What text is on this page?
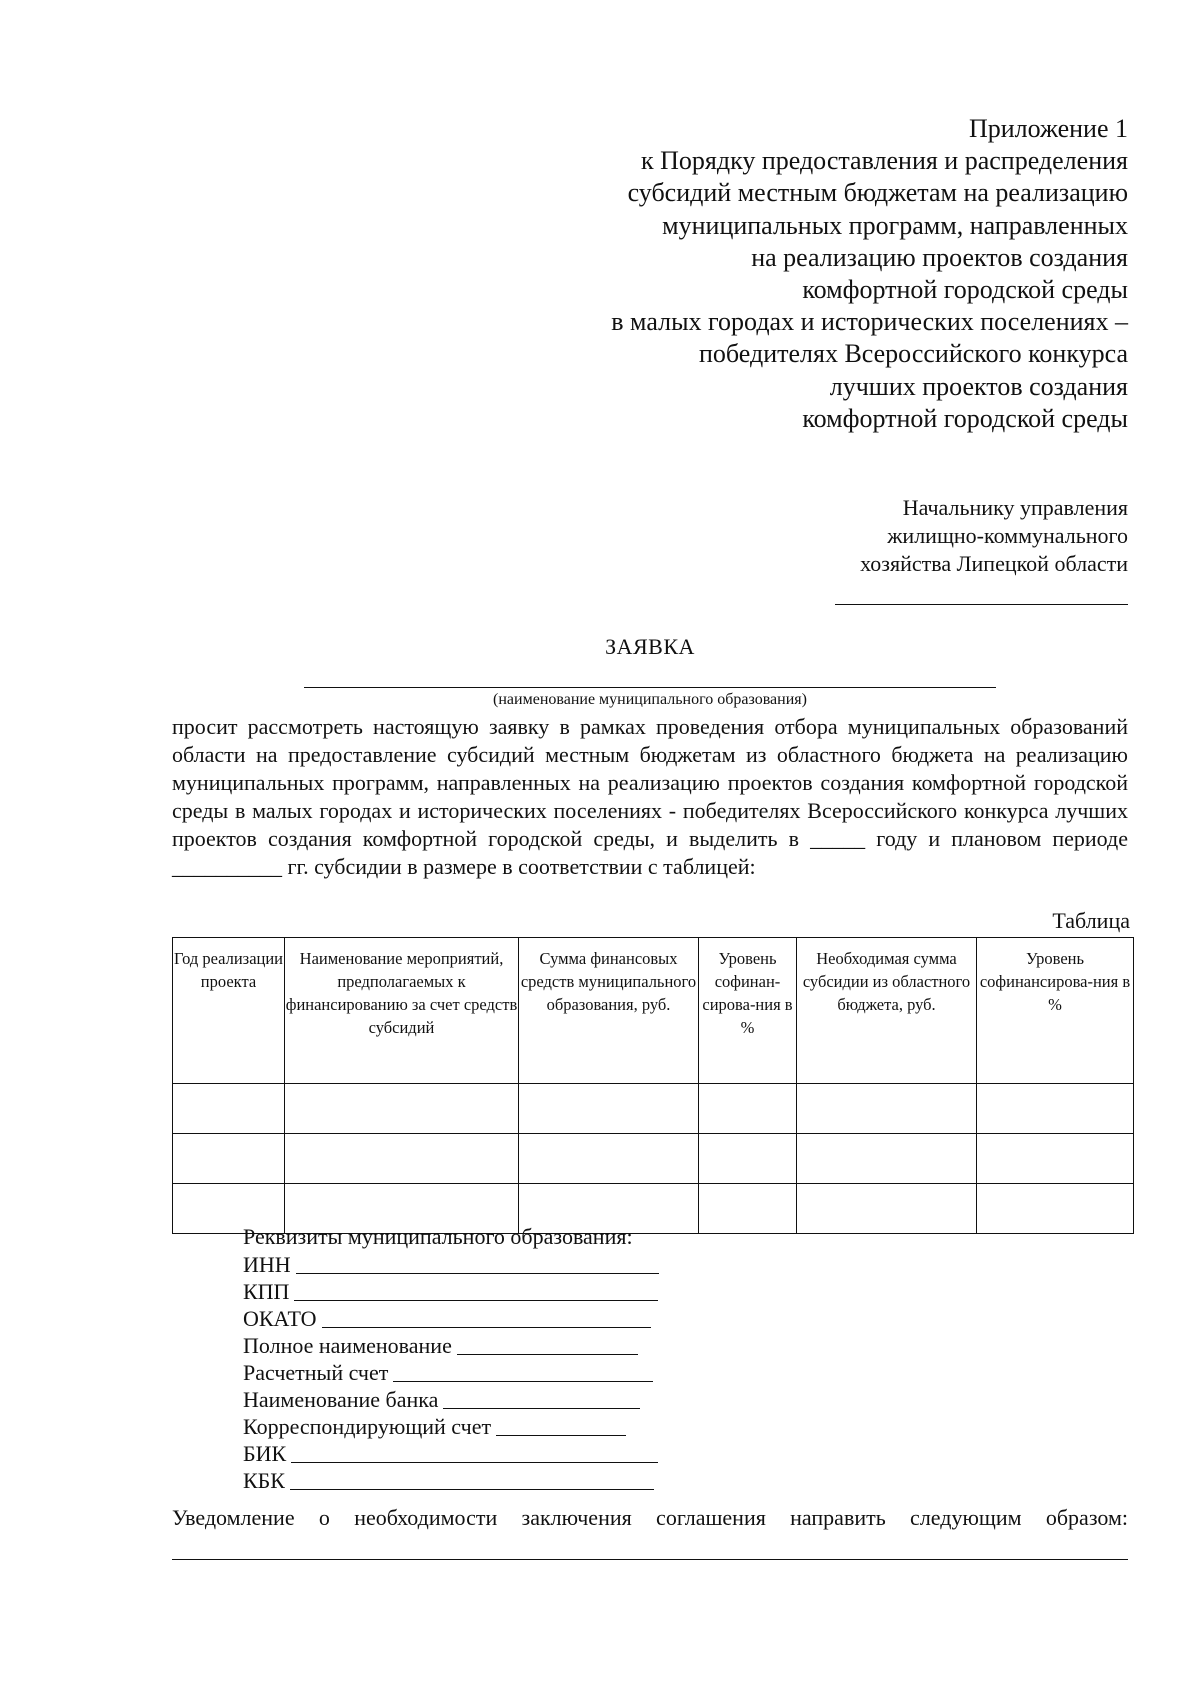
Приложение 1
к Порядку предоставления и распределения
субсидий местным бюджетам на реализацию
муниципальных программ, направленных
на реализацию проектов создания
комфортной городской среды
в малых городах и исторических поселениях –
победителях Всероссийского конкурса
лучших проектов создания
комфортной городской среды
Начальнику управления
жилищно-коммунального
хозяйства Липецкой области
ЗАЯВКА
(наименование муниципального образования)
просит рассмотреть настоящую заявку в рамках проведения отбора муниципальных образований области на предоставление субсидий местным бюджетам из областного бюджета на реализацию муниципальных программ, направленных на реализацию проектов создания комфортной городской среды в малых городах и исторических поселениях - победителях Всероссийского конкурса лучших проектов создания комфортной городской среды, и выделить в _____ году и плановом периоде __________ гг. субсидии в размере в соответствии с таблицей:
Таблица
Год реализации проекта	Наименование мероприятий, предполагаемых к финансированию за счет средств субсидий	Сумма финансовых средств муниципального образования, руб.	Уровень софинан-сирова-ния в %	Необходимая сумма субсидии из областного бюджета, руб.	Уровень софинансирова-ния в %

Реквизиты муниципального образования:
ИНН
КПП
ОКАТО
Полное наименование
Расчетный счет
Наименование банка
Корреспондирующий счет
БИК
КБК
Уведомление о необходимости заключения соглашения направить следующим образом:
